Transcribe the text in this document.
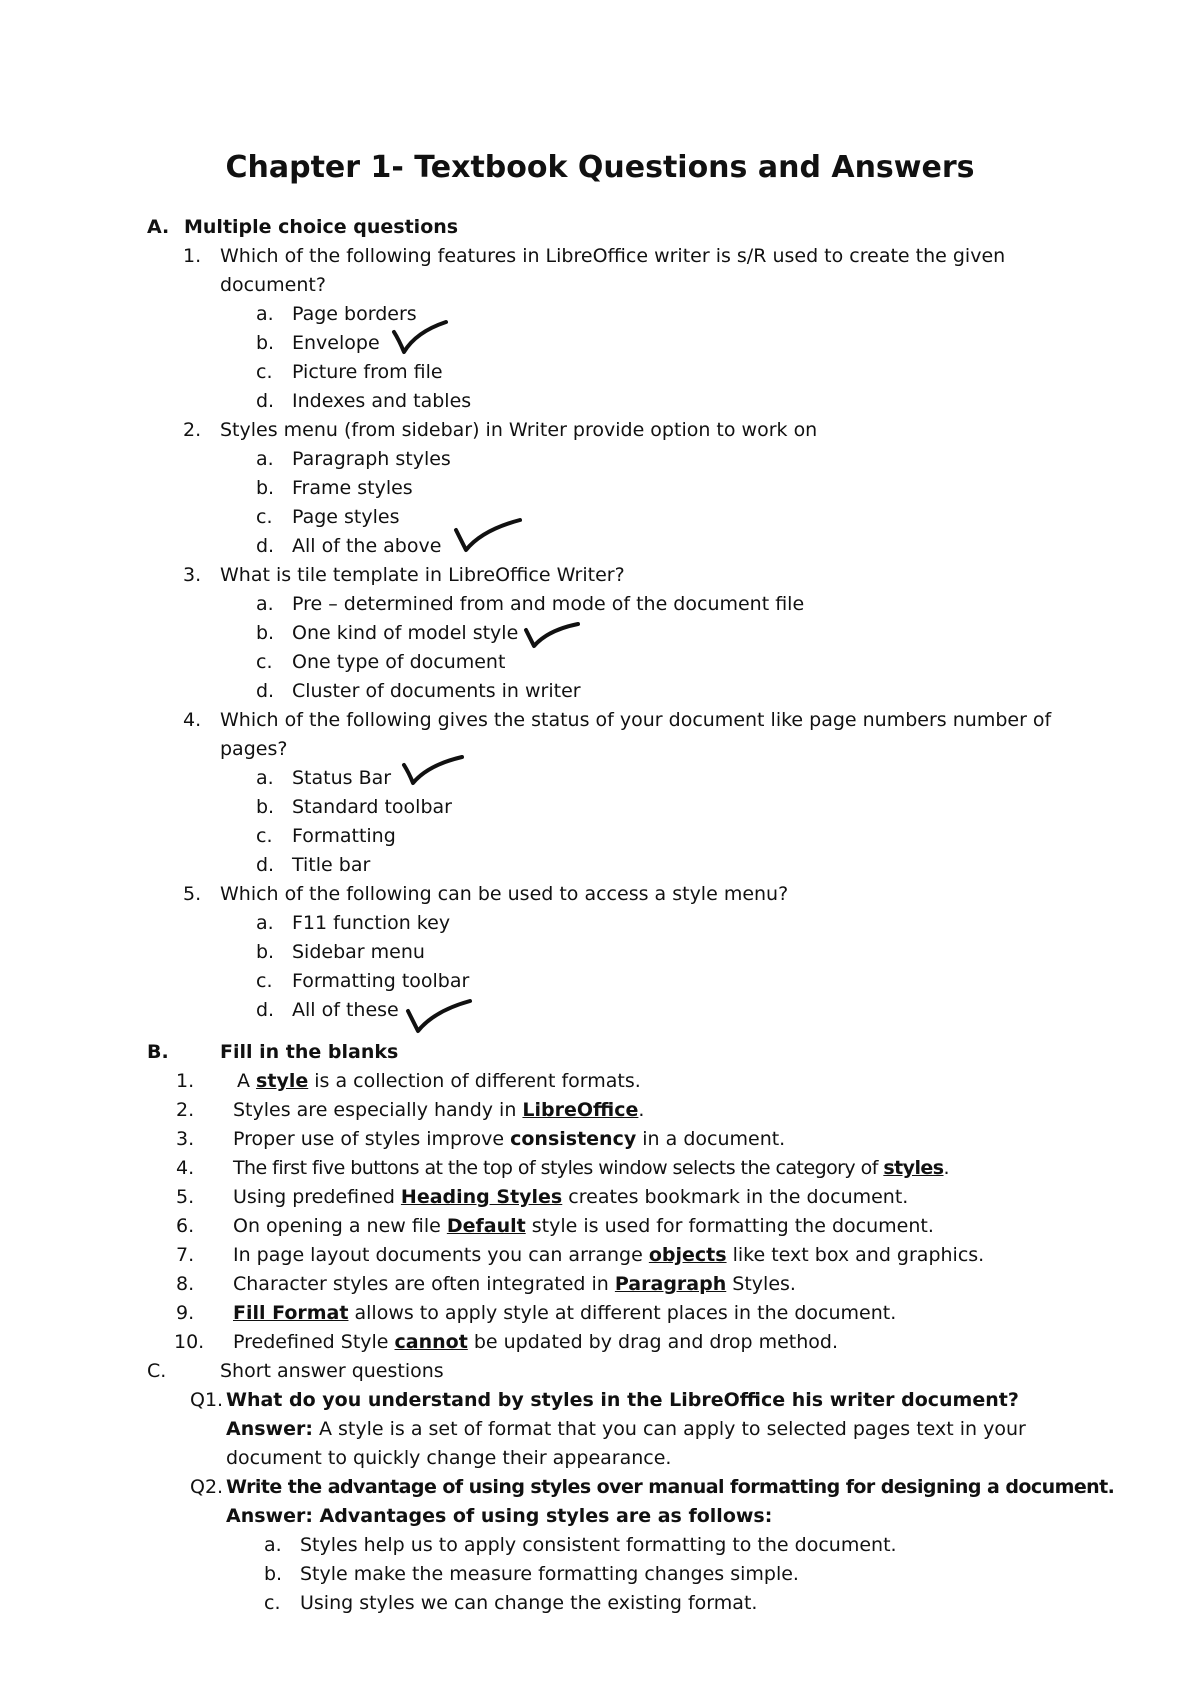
Chapter 1- Textbook Questions and Answers
A. Multiple choice questions
1. Which of the following features in LibreOffice writer is s/R used to create the given
document?
a. Page borders
b. Envelope
c. Picture from file
d. Indexes and tables
2. Styles menu (from sidebar) in Writer provide option to work on
a. Paragraph styles
b. Frame styles
c. Page styles
d. All of the above
3. What is tile template in LibreOffice Writer?
a. Pre – determined from and mode of the document file
b. One kind of model style
c. One type of document
d. Cluster of documents in writer
4. Which of the following gives the status of your document like page numbers number of
pages?
a. Status Bar
b. Standard toolbar
c. Formatting
d. Title bar
5. Which of the following can be used to access a style menu?
a. F11 function key
b. Sidebar menu
c. Formatting toolbar
d. All of these
B.	Fill in the blanks
1. A style is a collection of different formats.
2. Styles are especially handy in LibreOffice.
3. Proper use of styles improve consistency in a document.
4. The first five buttons at the top of styles window selects the category of styles.
5. Using predefined Heading Styles creates bookmark in the document.
6. On opening a new file Default style is used for formatting the document.
7. In page layout documents you can arrange objects like text box and graphics.
8. Character styles are often integrated in Paragraph Styles.
9. Fill Format allows to apply style at different places in the document.
10. Predefined Style cannot be updated by drag and drop method.
C.	Short answer questions
Q1. What do you understand by styles in the LibreOffice his writer document?
Answer: A style is a set of format that you can apply to selected pages text in your
document to quickly change their appearance.
Q2. Write the advantage of using styles over manual formatting for designing a document.
Answer: Advantages of using styles are as follows:
a. Styles help us to apply consistent formatting to the document.
b. Style make the measure formatting changes simple.
c. Using styles we can change the existing format.
